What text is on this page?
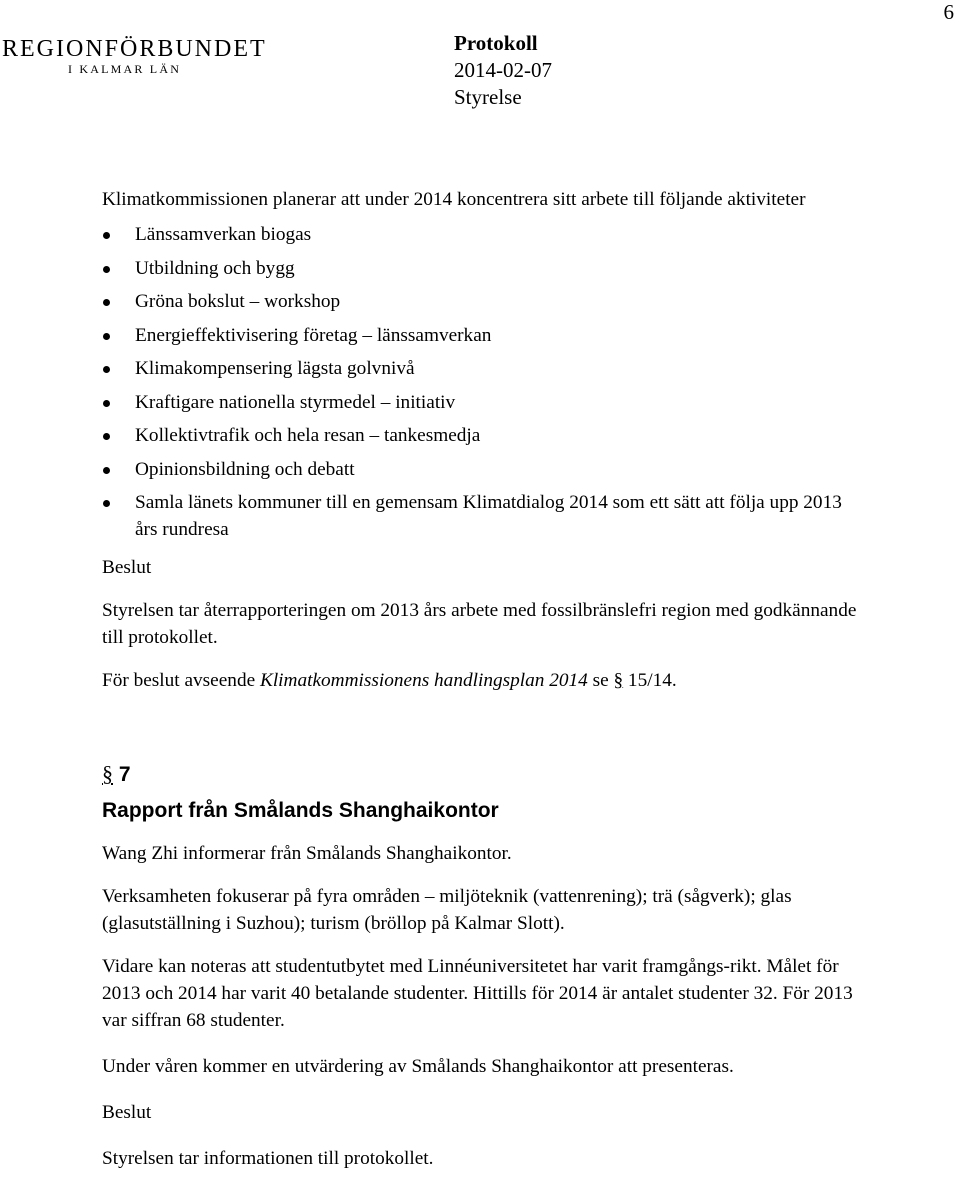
6
REGIONFÖRBUNDET
I KALMAR LÄN
Protokoll
2014-02-07
Styrelse

Klimatkommissionen planerar att under 2014 koncentrera sitt arbete till följande aktiviteter

Länssamverkan biogas
Utbildning och bygg
Gröna bokslut – workshop
Energieffektivisering företag – länssamverkan
Klimakompensering lägsta golvnivå
Kraftigare nationella styrmedel – initiativ
Kollektivtrafik och hela resan – tankesmedja
Opinionsbildning och debatt
Samla länets kommuner till en gemensam Klimatdialog 2014 som ett sätt att följa upp 2013 års rundresa

Beslut

Styrelsen tar återrapporteringen om 2013 års arbete med fossilbränslefri region med godkännande till protokollet.

För beslut avseende Klimatkommissionens handlingsplan 2014 se § 15/14.

§ 7
Rapport från Smålands Shanghaikontor

Wang Zhi informerar från Smålands Shanghaikontor.

Verksamheten fokuserar på fyra områden – miljöteknik (vattenrening); trä (sågverk); glas (glasutställning i Suzhou); turism (bröllop på Kalmar Slott).

Vidare kan noteras att studentutbytet med Linnéuniversitetet har varit framgångs-rikt. Målet för 2013 och 2014 har varit 40 betalande studenter. Hittills för 2014 är antalet studenter 32. För 2013 var siffran 68 studenter.

Under våren kommer en utvärdering av Smålands Shanghaikontor att presenteras.

Beslut

Styrelsen tar informationen till protokollet.
